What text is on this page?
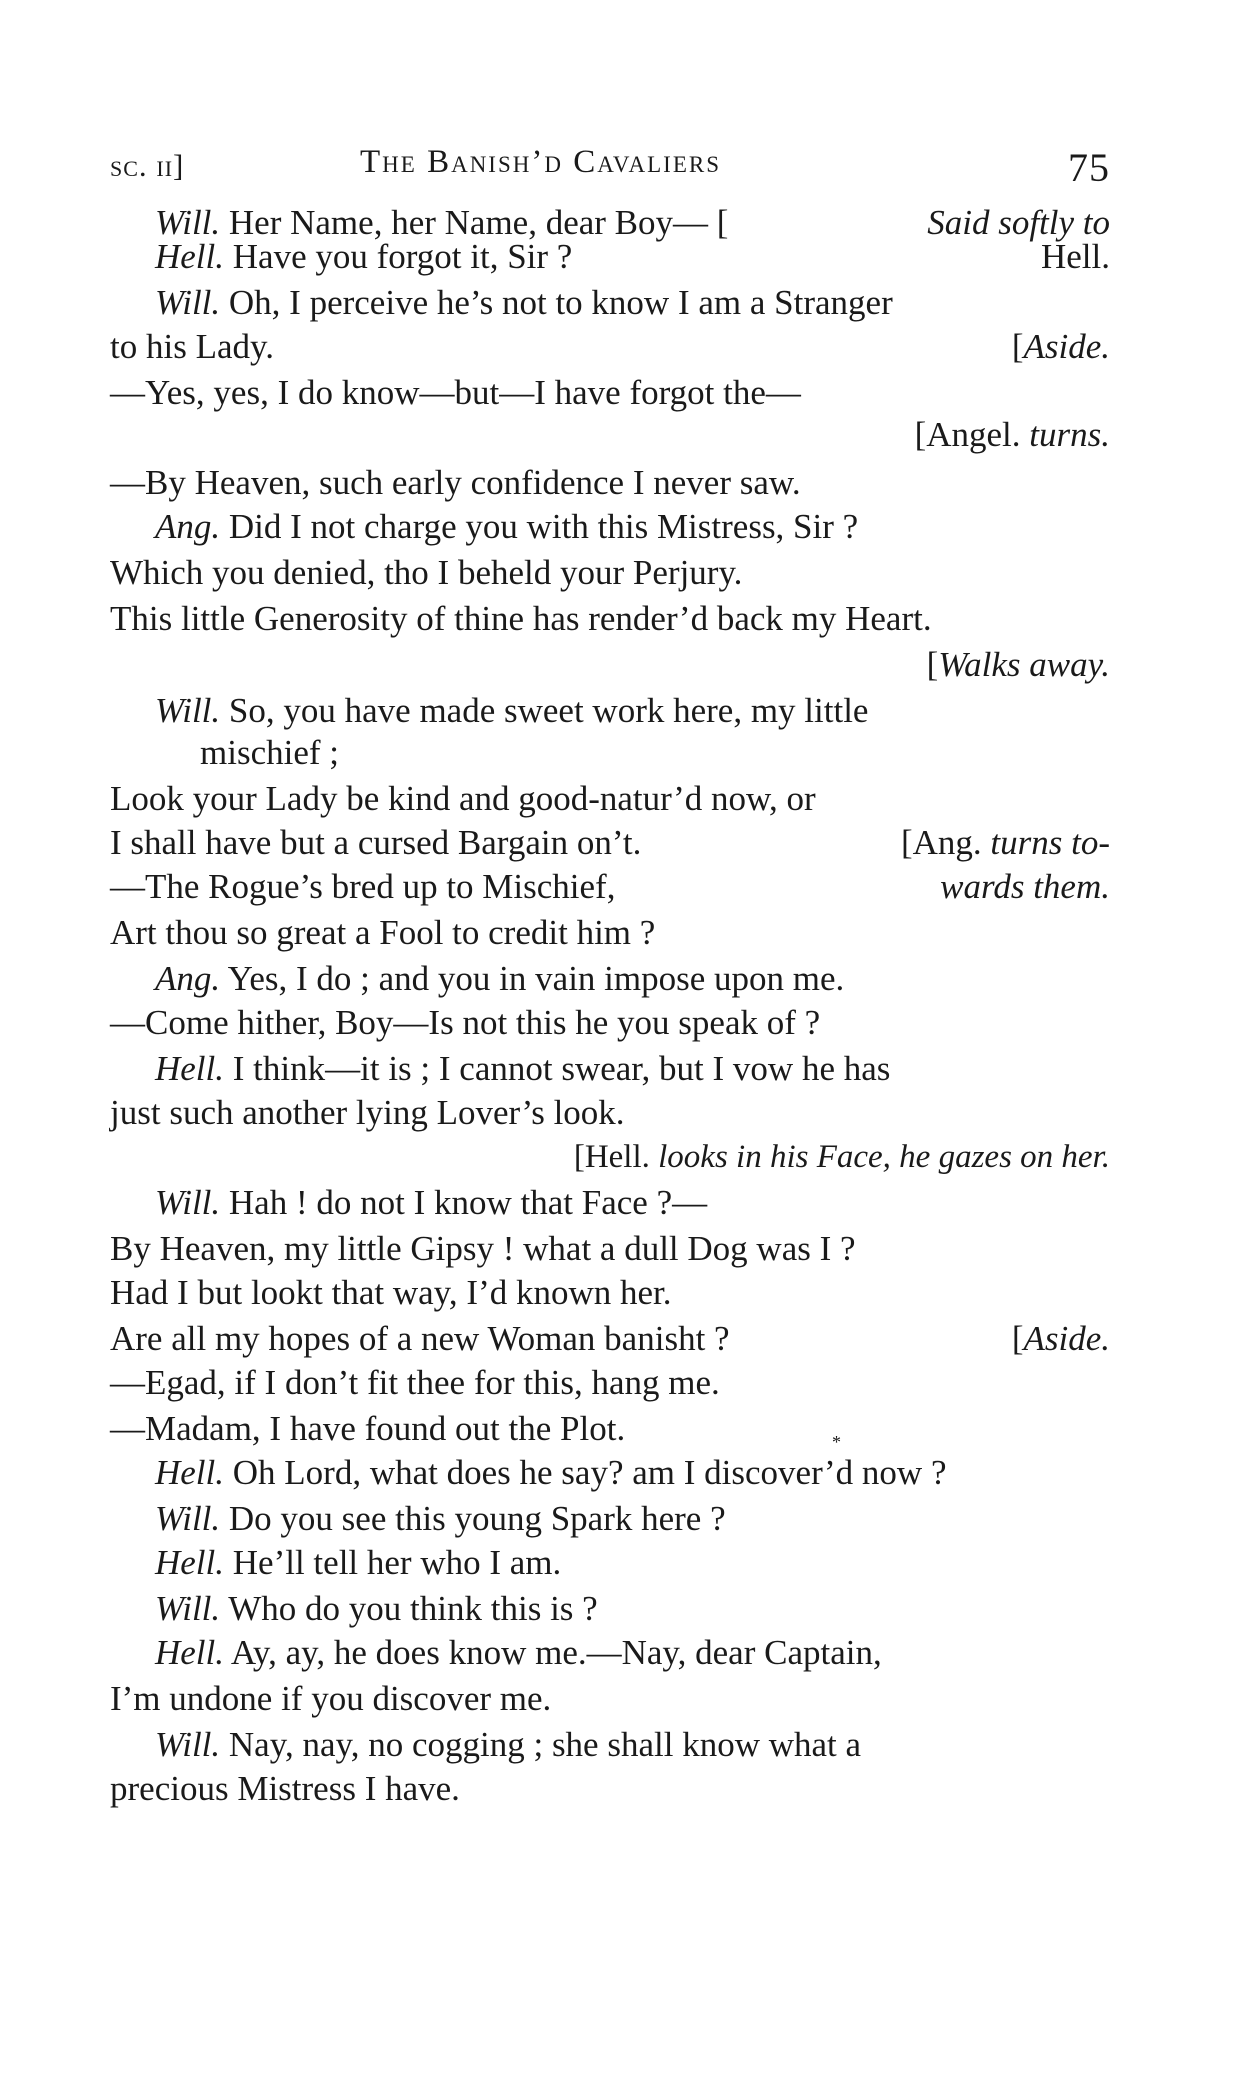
sc. ii]	The Banish’d Cavaliers	75
Will. Her Name, her Name, dear Boy— [	Said softly to
Hell. Have you forgot it, Sir ?	Hell.
Will. Oh, I perceive he’s not to know I am a Stranger
to his Lady.	[Aside.
—Yes, yes, I do know—but—I have forgot the—
[Angel. turns.
—By Heaven, such early confidence I never saw.
Ang. Did I not charge you with this Mistress, Sir ?
Which you denied, tho I beheld your Perjury.
This little Generosity of thine has render’d back my Heart.
[Walks away.
Will. So, you have made sweet work here, my little
mischief ;
Look your Lady be kind and good-natur’d now, or
I shall have but a cursed Bargain on’t.	[Ang. turns to-
—The Rogue’s bred up to Mischief,	wards them.
Art thou so great a Fool to credit him ?
Ang. Yes, I do ; and you in vain impose upon me.
—Come hither, Boy—Is not this he you speak of ?
Hell. I think—it is ; I cannot swear, but I vow he has
just such another lying Lover’s look.
[Hell. looks in his Face, he gazes on her.
Will. Hah ! do not I know that Face ?—
By Heaven, my little Gipsy ! what a dull Dog was I ?
Had I but lookt that way, I’d known her.
Are all my hopes of a new Woman banisht ?	[Aside.
—Egad, if I don’t fit thee for this, hang me.
—Madam, I have found out the Plot.	*
Hell. Oh Lord, what does he say? am I discover’d now ?
Will. Do you see this young Spark here ?
Hell. He’ll tell her who I am.
Will. Who do you think this is ?
Hell. Ay, ay, he does know me.—Nay, dear Captain,
I’m undone if you discover me.
Will. Nay, nay, no cogging ; she shall know what a
precious Mistress I have.
